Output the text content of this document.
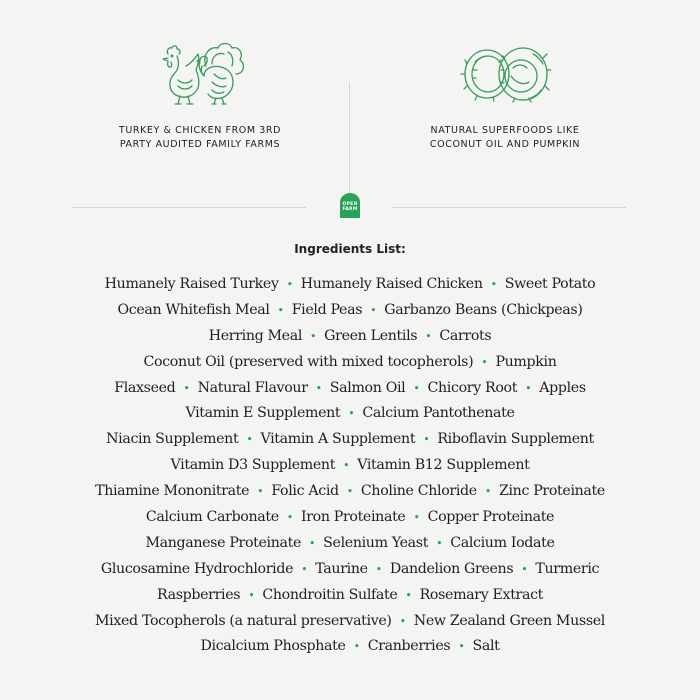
TURKEY & CHICKEN FROM 3RD
PARTY AUDITED FAMILY FARMS
NATURAL SUPERFOODS LIKE
COCONUT OIL AND PUMPKIN
OPEN
FARM
Ingredients List:
Humanely Raised Turkey • Humanely Raised Chicken • Sweet Potato
Ocean Whitefish Meal • Field Peas • Garbanzo Beans (Chickpeas)
Herring Meal • Green Lentils • Carrots
Coconut Oil (preserved with mixed tocopherols) • Pumpkin
Flaxseed • Natural Flavour • Salmon Oil • Chicory Root • Apples
Vitamin E Supplement • Calcium Pantothenate
Niacin Supplement • Vitamin A Supplement • Riboflavin Supplement
Vitamin D3 Supplement • Vitamin B12 Supplement
Thiamine Mononitrate • Folic Acid • Choline Chloride • Zinc Proteinate
Calcium Carbonate • Iron Proteinate • Copper Proteinate
Manganese Proteinate • Selenium Yeast • Calcium Iodate
Glucosamine Hydrochloride • Taurine • Dandelion Greens • Turmeric
Raspberries • Chondroitin Sulfate • Rosemary Extract
Mixed Tocopherols (a natural preservative) • New Zealand Green Mussel
Dicalcium Phosphate • Cranberries • Salt
